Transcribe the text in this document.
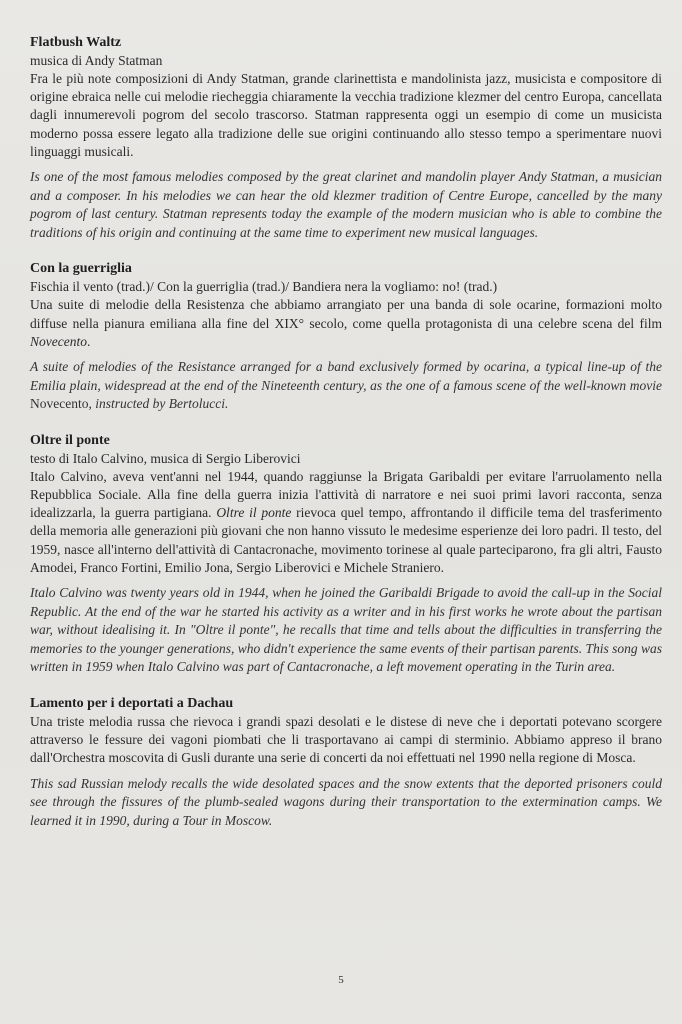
Flatbush Waltz

musica di Andy Statman

Fra le più note composizioni di Andy Statman, grande clarinettista e mandolinista jazz, musicista e compositore di origine ebraica nelle cui melodie riecheggia chiaramente la vecchia tradizione klezmer del centro Europa, cancellata dagli innumerevoli pogrom del secolo trascorso. Statman rappresenta oggi un esempio di come un musicista moderno possa essere legato alla tradizione delle sue origini continuando allo stesso tempo a sperimentare nuovi linguaggi musicali.

Is one of the most famous melodies composed by the great clarinet and mandolin player Andy Statman, a musician and a composer. In his melodies we can hear the old klezmer tradition of Centre Europe, cancelled by the many pogrom of last century. Statman represents today the example of the modern musician who is able to combine the traditions of his origin and continuing at the same time to experiment new musical languages.

Con la guerriglia

Fischia il vento (trad.)/ Con la guerriglia (trad.)/ Bandiera nera la vogliamo: no! (trad.)

Una suite di melodie della Resistenza che abbiamo arrangiato per una banda di sole ocarine, formazioni molto diffuse nella pianura emiliana alla fine del XIX° secolo, come quella protagonista di una celebre scena del film Novecento.

A suite of melodies of the Resistance arranged for a band exclusively formed by ocarina, a typical line-up of the Emilia plain, widespread at the end of the Nineteenth century, as the one of a famous scene of the well-known movie Novecento, instructed by Bertolucci.

Oltre il ponte

testo di Italo Calvino, musica di Sergio Liberovici

Italo Calvino, aveva vent'anni nel 1944, quando raggiunse la Brigata Garibaldi per evitare l'arruolamento nella Repubblica Sociale. Alla fine della guerra inizia l'attività di narratore e nei suoi primi lavori racconta, senza idealizzarla, la guerra partigiana. Oltre il ponte rievoca quel tempo, affrontando il difficile tema del trasferimento della memoria alle generazioni più giovani che non hanno vissuto le medesime esperienze dei loro padri. Il testo, del 1959, nasce all'interno dell'attività di Cantacronache, movimento torinese al quale parteciparono, fra gli altri, Fausto Amodei, Franco Fortini, Emilio Jona, Sergio Liberovici e Michele Straniero.

Italo Calvino was twenty years old in 1944, when he joined the Garibaldi Brigade to avoid the call-up in the Social Republic. At the end of the war he started his activity as a writer and in his first works he wrote about the partisan war, without idealising it. In "Oltre il ponte", he recalls that time and tells about the difficulties in transferring the memories to the younger generations, who didn't experience the same events of their partisan parents. This song was written in 1959 when Italo Calvino was part of Cantacronache, a left movement operating in the Turin area.

Lamento per i deportati a Dachau

Una triste melodia russa che rievoca i grandi spazi desolati e le distese di neve che i deportati potevano scorgere attraverso le fessure dei vagoni piombati che li trasportavano ai campi di sterminio. Abbiamo appreso il brano dall'Orchestra moscovita di Gusli durante una serie di concerti da noi effettuati nel 1990 nella regione di Mosca.

This sad Russian melody recalls the wide desolated spaces and the snow extents that the deported prisoners could see through the fissures of the plumb-sealed wagons during their transportation to the extermination camps. We learned it in 1990, during a Tour in Moscow.

5
